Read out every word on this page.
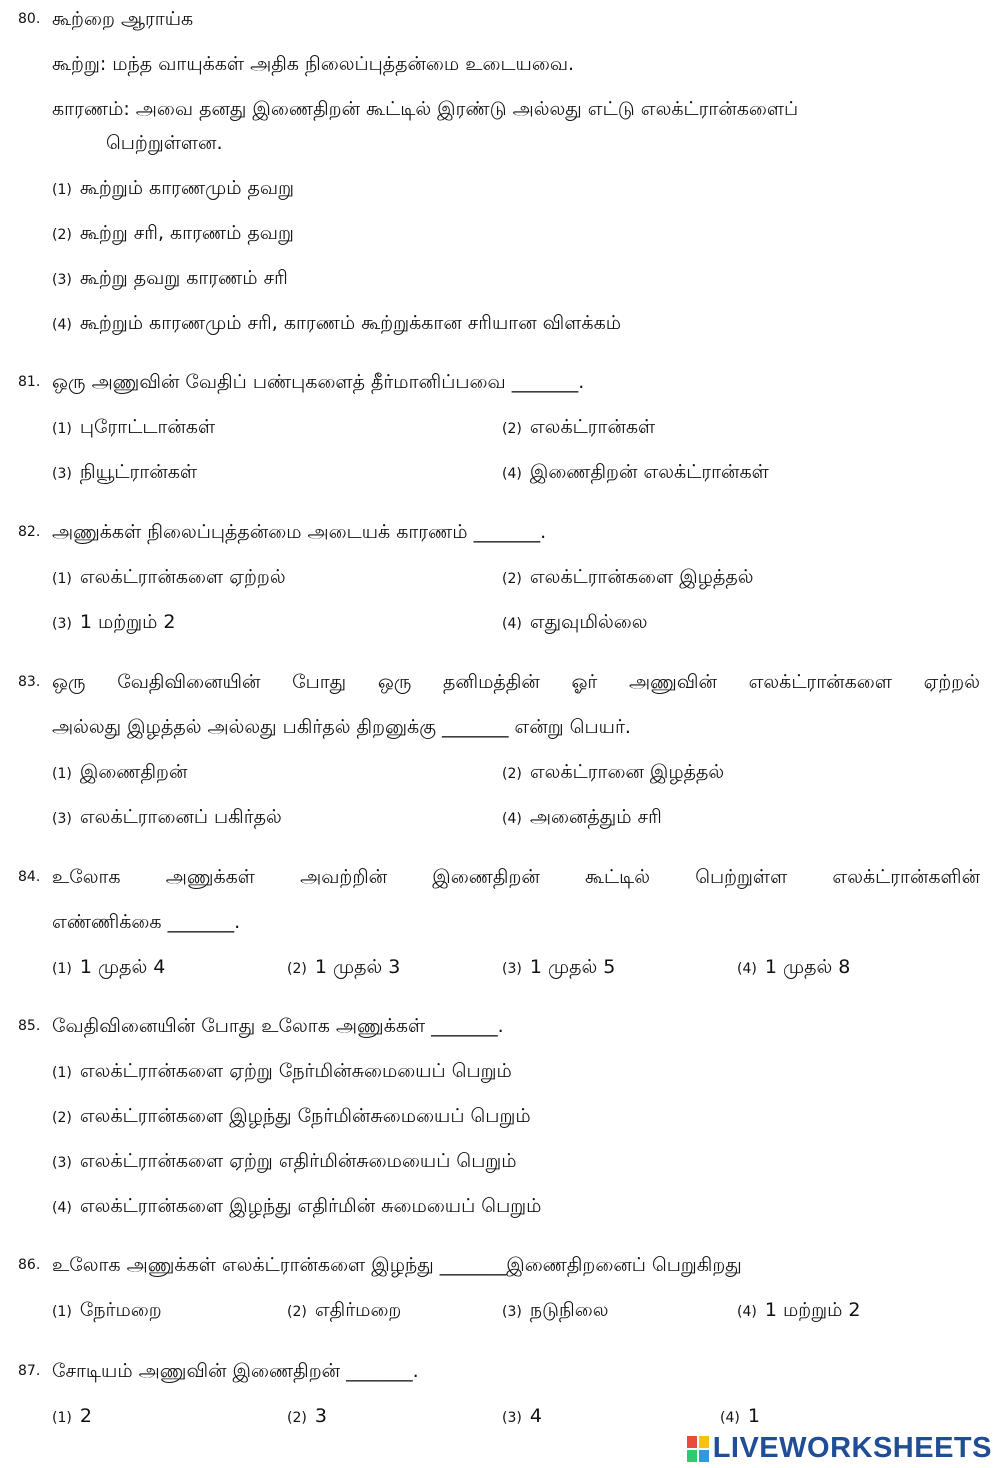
80. கூற்றை ஆராய்க
கூற்று: மந்த வாயுக்கள் அதிக நிலைப்புத்தன்மை உடையவை.
காரணம்: அவை தனது இணைதிறன் கூட்டில் இரண்டு அல்லது எட்டு எலக்ட்ரான்களைப்
பெற்றுள்ளன.
(1) கூற்றும் காரணமும் தவறு
(2) கூற்று சரி, காரணம் தவறு
(3) கூற்று தவறு காரணம் சரி
(4) கூற்றும் காரணமும் சரி, காரணம் கூற்றுக்கான சரியான விளக்கம்
81. ஒரு அணுவின் வேதிப் பண்புகளைத் தீர்மானிப்பவை _______.
(1) புரோட்டான்கள்	(2) எலக்ட்ரான்கள்
(3) நியூட்ரான்கள்	(4) இணைதிறன் எலக்ட்ரான்கள்
82. அணுக்கள் நிலைப்புத்தன்மை அடையக் காரணம் _______.
(1) எலக்ட்ரான்களை ஏற்றல்	(2) எலக்ட்ரான்களை இழத்தல்
(3) 1 மற்றும் 2	(4) எதுவுமில்லை
83. ஒரு வேதிவினையின் போது ஒரு தனிமத்தின் ஓர் அணுவின் எலக்ட்ரான்களை ஏற்றல்
அல்லது இழத்தல் அல்லது பகிர்தல் திறனுக்கு _______ என்று பெயர்.
(1) இணைதிறன்	(2) எலக்ட்ரானை இழத்தல்
(3) எலக்ட்ரானைப் பகிர்தல்	(4) அனைத்தும் சரி
84. உலோக அணுக்கள் அவற்றின் இணைதிறன் கூட்டில் பெற்றுள்ள எலக்ட்ரான்களின்
எண்ணிக்கை _______.
(1) 1 முதல் 4	(2) 1 முதல் 3	(3) 1 முதல் 5	(4) 1 முதல் 8
85. வேதிவினையின் போது உலோக அணுக்கள் _______.
(1) எலக்ட்ரான்களை ஏற்று நேர்மின்சுமையைப் பெறும்
(2) எலக்ட்ரான்களை இழந்து நேர்மின்சுமையைப் பெறும்
(3) எலக்ட்ரான்களை ஏற்று எதிர்மின்சுமையைப் பெறும்
(4) எலக்ட்ரான்களை இழந்து எதிர்மின் சுமையைப் பெறும்
86. உலோக அணுக்கள் எலக்ட்ரான்களை இழந்து _______இணைதிறனைப் பெறுகிறது
(1) நேர்மறை	(2) எதிர்மறை	(3) நடுநிலை	(4) 1 மற்றும் 2
87. சோடியம் அணுவின் இணைதிறன் _______.
(1) 2	(2) 3	(3) 4	(4) 1
LIVEWORKSHEETS
